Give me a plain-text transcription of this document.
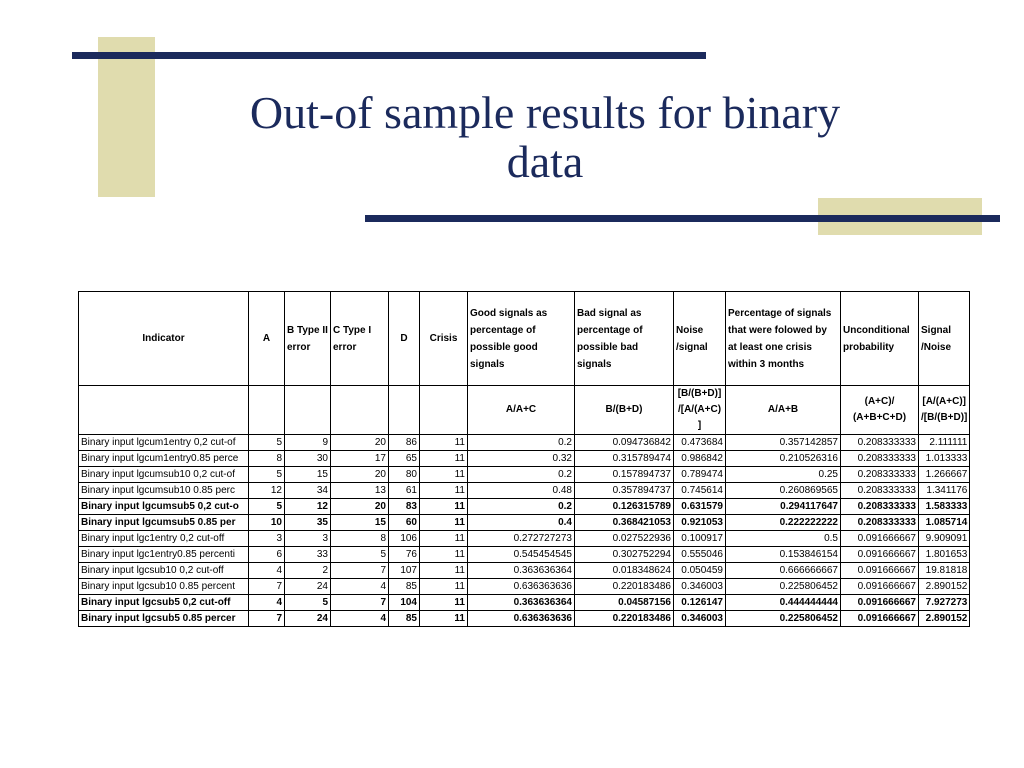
Out-of sample results for binary
data
Indicator	A	B Type II error	C Type I error	D	Crisis	Good signals as percentage of possible good signals	Bad signal as percentage of possible bad signals	Noise /signal	Percentage of signals that were folowed by at least one crisis within 3 months	Unconditional probability	Signal /Noise
						A/A+C	B/(B+D)	[B/(B+D)] /[A/(A+C) ]	A/A+B	(A+C)/ (A+B+C+D)	[A/(A+C)] /[B/(B+D)]
Binary input lgcum1entry 0,2 cut-of	5	9	20	86	11	0.2	0.094736842	0.473684	0.357142857	0.208333333	2.111111
Binary input lgcum1entry0.85 perce	8	30	17	65	11	0.32	0.315789474	0.986842	0.210526316	0.208333333	1.013333
Binary input lgcumsub10 0,2 cut-of	5	15	20	80	11	0.2	0.157894737	0.789474	0.25	0.208333333	1.266667
Binary input lgcumsub10 0.85 perc	12	34	13	61	11	0.48	0.357894737	0.745614	0.260869565	0.208333333	1.341176
Binary input lgcumsub5 0,2 cut-o	5	12	20	83	11	0.2	0.126315789	0.631579	0.294117647	0.208333333	1.583333
Binary input lgcumsub5 0.85 per	10	35	15	60	11	0.4	0.368421053	0.921053	0.222222222	0.208333333	1.085714
Binary input lgc1entry 0,2 cut-off	3	3	8	106	11	0.272727273	0.027522936	0.100917	0.5	0.091666667	9.909091
Binary input lgc1entry0.85 percenti	6	33	5	76	11	0.545454545	0.302752294	0.555046	0.153846154	0.091666667	1.801653
Binary input lgcsub10 0,2 cut-off	4	2	7	107	11	0.363636364	0.018348624	0.050459	0.666666667	0.091666667	19.81818
Binary input lgcsub10 0.85 percent	7	24	4	85	11	0.636363636	0.220183486	0.346003	0.225806452	0.091666667	2.890152
Binary input lgcsub5 0,2 cut-off	4	5	7	104	11	0.363636364	0.04587156	0.126147	0.444444444	0.091666667	7.927273
Binary input lgcsub5 0.85 percer	7	24	4	85	11	0.636363636	0.220183486	0.346003	0.225806452	0.091666667	2.890152
